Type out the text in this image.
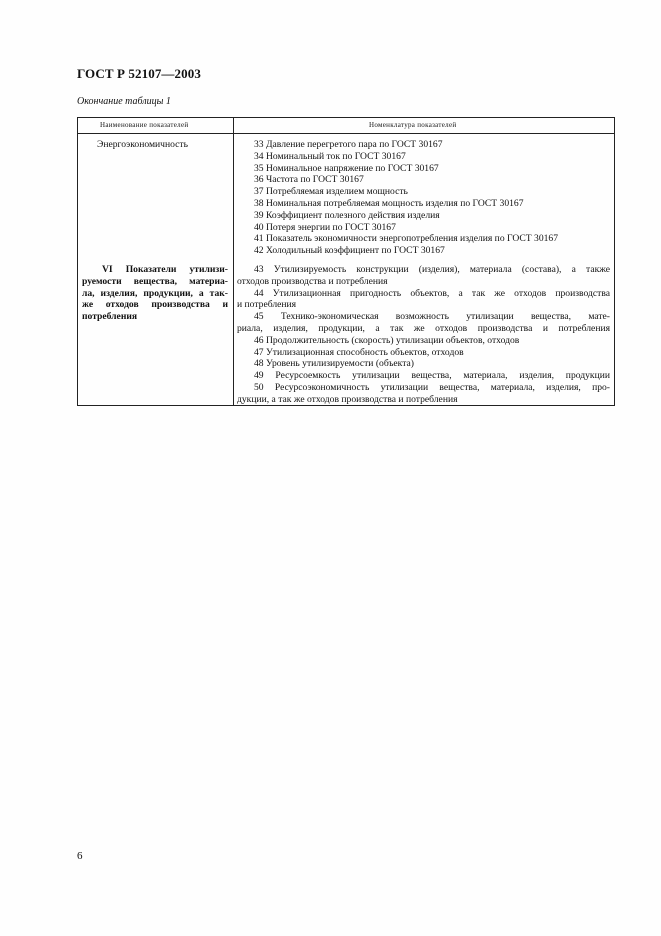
ГОСТ Р 52107—2003
Окончание таблицы 1
Наименование показателей	Номенклатура показателей
Энергоэкономичность	33 Давление перегретого пара по ГОСТ 30167
34 Номинальный ток по ГОСТ 30167
35 Номинальное напряжение по ГОСТ 30167
36 Частота по ГОСТ 30167
37 Потребляемая изделием мощность
38 Номинальная потребляемая мощность изделия по ГОСТ 30167
39 Коэффициент полезного действия изделия
40 Потеря энергии по ГОСТ 30167
41 Показатель экономичности энергопотребления изделия по ГОСТ 30167
42 Холодильный коэффициент по ГОСТ 30167
VI Показатели утилизи-
руемости вещества, материа-
ла, изделия, продукции, а так-
же отходов производства и
потребления
43 Утилизируемость конструкции (изделия), материала (состава), а также
отходов производства и потребления
44 Утилизационная пригодность объектов, а так же отходов производства
и потребления
45 Технико-экономическая возможность утилизации вещества, мате-
риала, изделия, продукции, а так же отходов производства и потребления
46 Продолжительность (скорость) утилизации объектов, отходов
47 Утилизационная способность объектов, отходов
48 Уровень утилизируемости (объекта)
49 Ресурсоемкость утилизации вещества, материала, изделия, продукции
50 Ресурсоэкономичность утилизации вещества, материала, изделия, про-
дукции, а так же отходов производства и потребления
6
